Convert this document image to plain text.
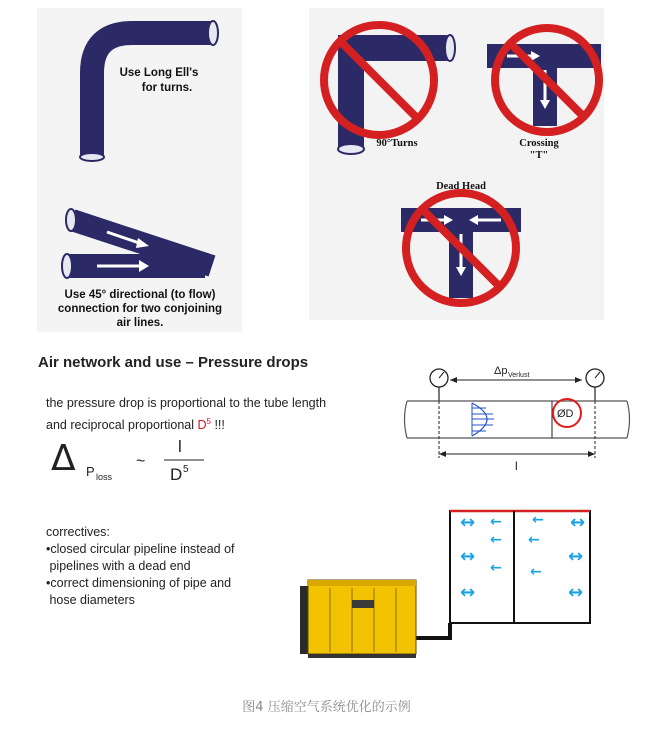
Use Long Ell's
for turns.
Use 45° directional (to flow)
connection for two conjoining
air lines.
90°Turns	Crossing
"T"
Dead Head
Air network and use – Pressure drops
the pressure drop is proportional to the tube length
and reciprocal proportional $D^5$ !!!
Δ P loss
~
l
D 5
correctives:
•closed circular pipeline instead of
pipelines with a dead end
•correct dimensioning of pipe and
hose diameters
Δp Verlust
ØD
l
↔ ← ← ↔
← ←
↔	↔
← ←
↔	↔
图4 压缩空气系统优化的示例
